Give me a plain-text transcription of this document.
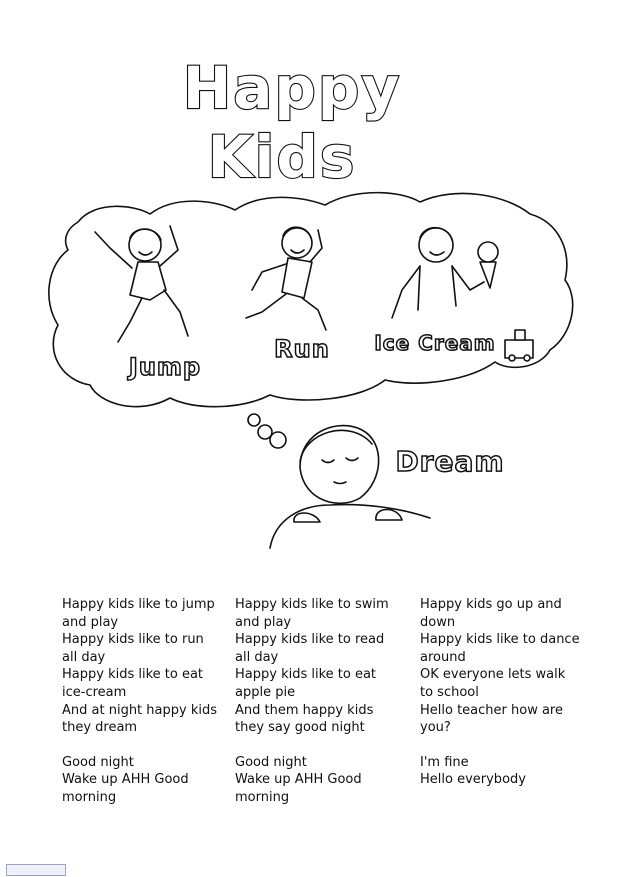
Happy
Kids
Jump
Run Ice Cream
Dream

Happy kids like to jump and play

Happy kids like to run all day

Happy kids like to eat ice-cream

And at night happy kids they dream

Good night

Wake up AHH Good morning

Happy kids like to swim and play

Happy kids like to read all day

Happy kids like to eat apple pie

And them happy kids they say good night

Good night

Wake up AHH Good morning

Happy kids go up and down

Happy kids like to dance around

OK everyone lets walk to school

Hello teacher how are you?

I'm fine

Hello everybody
